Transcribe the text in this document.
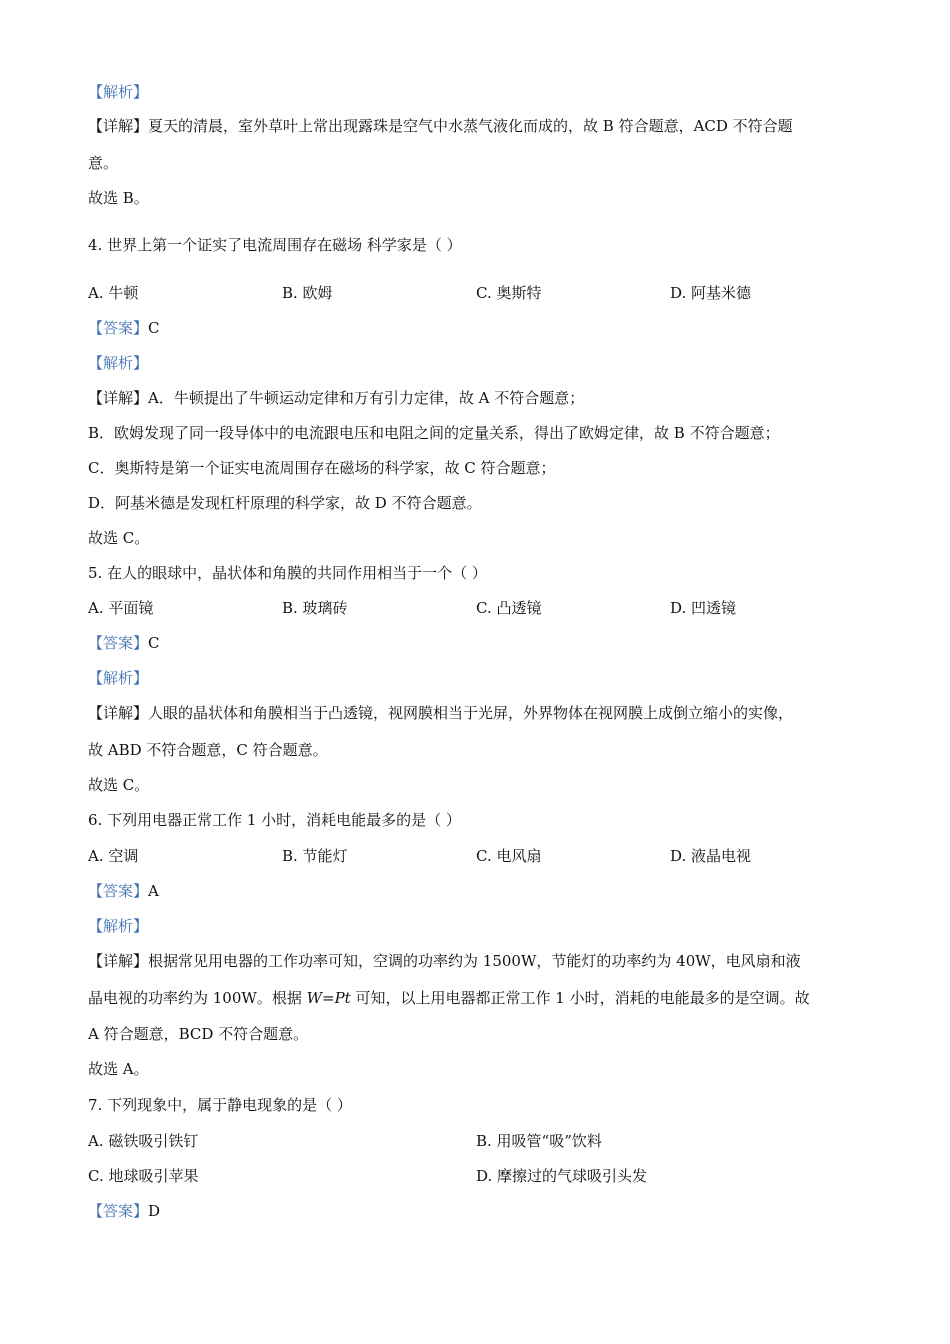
【解析】
【详解】夏天的清晨，室外草叶上常出现露珠是空气中水蒸气液化而成的，故 B 符合题意，ACD 不符合题
意。
故选 B。
4. 世界上第一个证实了电流周围存在磁场 科学家是（ ）
A. 牛顿	B. 欧姆	C. 奥斯特	D. 阿基米德
【答案】C
【解析】
【详解】A．牛顿提出了牛顿运动定律和万有引力定律，故 A 不符合题意；
B．欧姆发现了同一段导体中的电流跟电压和电阻之间的定量关系，得出了欧姆定律，故 B 不符合题意；
C．奥斯特是第一个证实电流周围存在磁场的科学家，故 C 符合题意；
D．阿基米德是发现杠杆原理的科学家，故 D 不符合题意。
故选 C。
5. 在人的眼球中，晶状体和角膜的共同作用相当于一个（ ）
A. 平面镜	B. 玻璃砖	C. 凸透镜	D. 凹透镜
【答案】C
【解析】
【详解】人眼的晶状体和角膜相当于凸透镜，视网膜相当于光屏，外界物体在视网膜上成倒立缩小的实像，
故 ABD 不符合题意，C 符合题意。
故选 C。
6. 下列用电器正常工作 1 小时，消耗电能最多的是（ ）
A. 空调	B. 节能灯	C. 电风扇	D. 液晶电视
【答案】A
【解析】
【详解】根据常见用电器的工作功率可知，空调的功率约为 1500W，节能灯的功率约为 40W，电风扇和液
晶电视的功率约为 100W。根据 W=Pt 可知，以上用电器都正常工作 1 小时，消耗的电能最多的是空调。故
A 符合题意，BCD 不符合题意。
故选 A。
7. 下列现象中，属于静电现象的是（ ）
A. 磁铁吸引铁钉	B. 用吸管“吸”饮料
C. 地球吸引苹果	D. 摩擦过的气球吸引头发
【答案】D
